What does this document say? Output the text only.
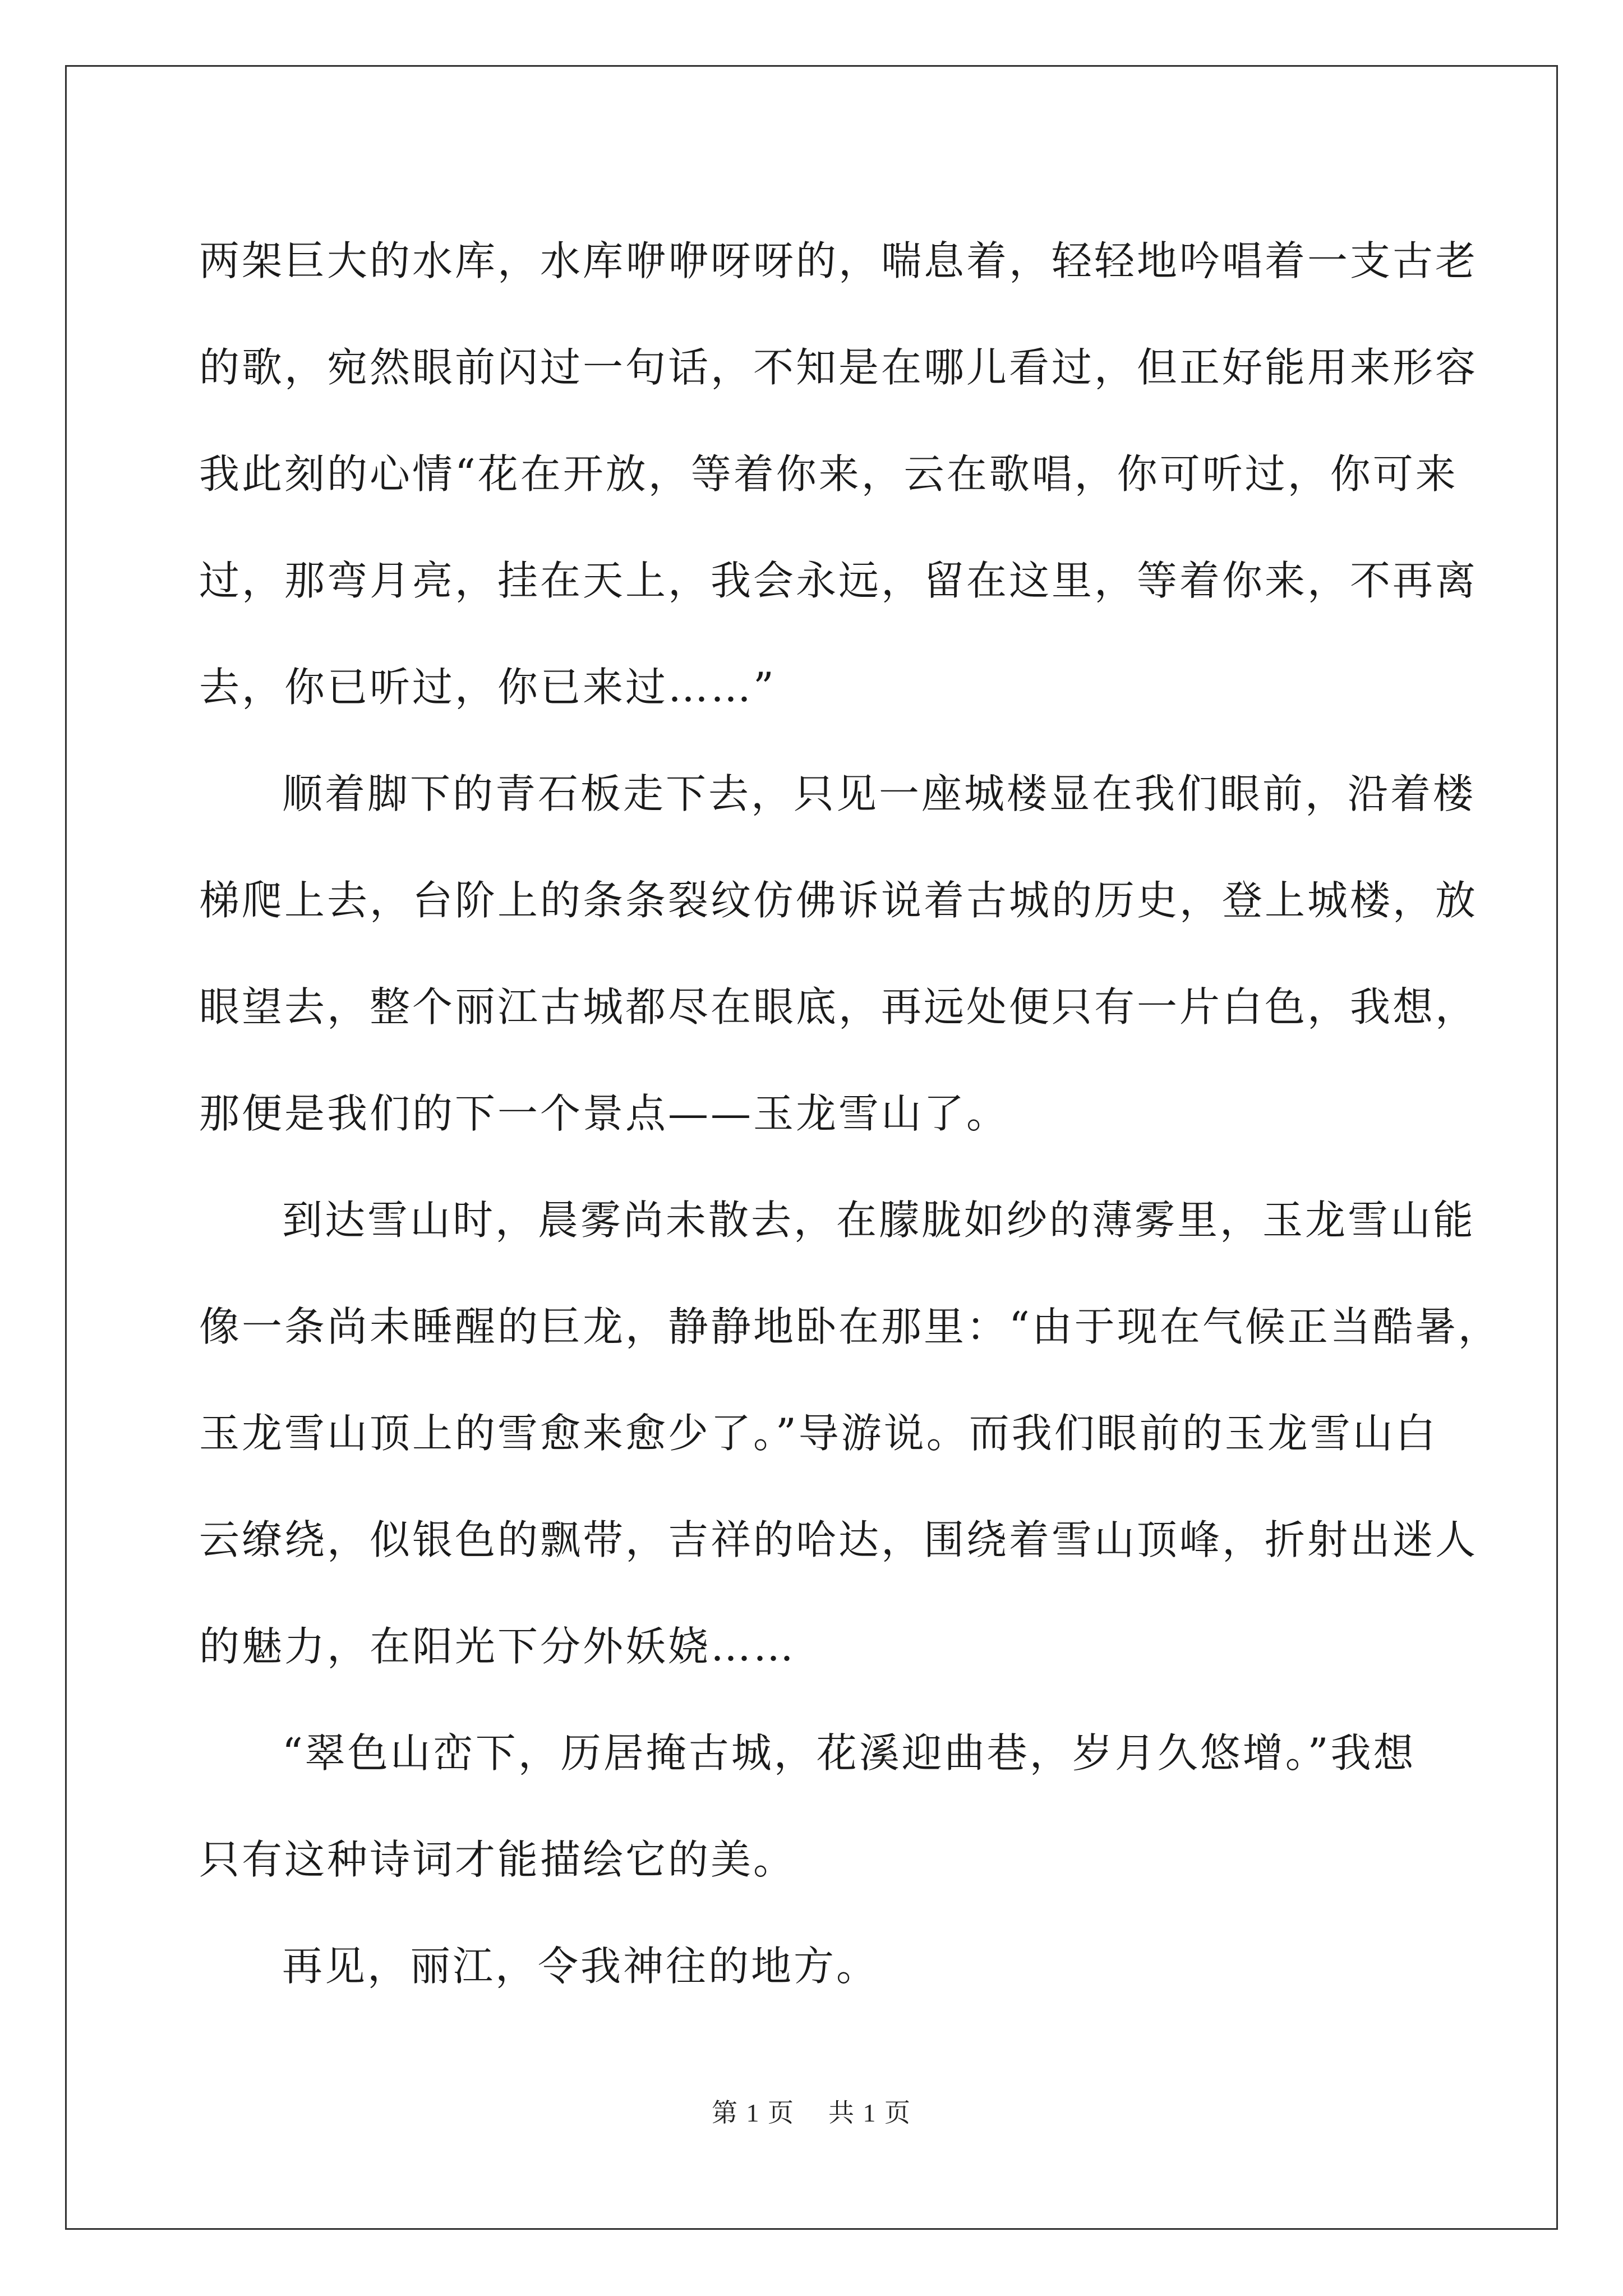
两架巨大的水库，水库咿咿呀呀的，喘息着，轻轻地吟唱着一支古老
的歌，宛然眼前闪过一句话，不知是在哪儿看过，但正好能用来形容
我此刻的心情“花在开放，等着你来，云在歌唱，你可听过，你可来
过，那弯月亮，挂在天上，我会永远，留在这里，等着你来，不再离
去，你已听过，你已来过……”
顺着脚下的青石板走下去，只见一座城楼显在我们眼前，沿着楼
梯爬上去，台阶上的条条裂纹仿佛诉说着古城的历史，登上城楼，放
眼望去，整个丽江古城都尽在眼底，再远处便只有一片白色，我想，
那便是我们的下一个景点——玉龙雪山了。
到达雪山时，晨雾尚未散去，在朦胧如纱的薄雾里，玉龙雪山能
像一条尚未睡醒的巨龙，静静地卧在那里：“由于现在气候正当酷暑，
玉龙雪山顶上的雪愈来愈少了。”导游说。而我们眼前的玉龙雪山白
云缭绕，似银色的飘带，吉祥的哈达，围绕着雪山顶峰，折射出迷人
的魅力，在阳光下分外妖娆……
“翠色山峦下，历居掩古城，花溪迎曲巷，岁月久悠增。”我想
只有这种诗词才能描绘它的美。
再见，丽江，令我神往的地方。
第 1 页 共 1 页
